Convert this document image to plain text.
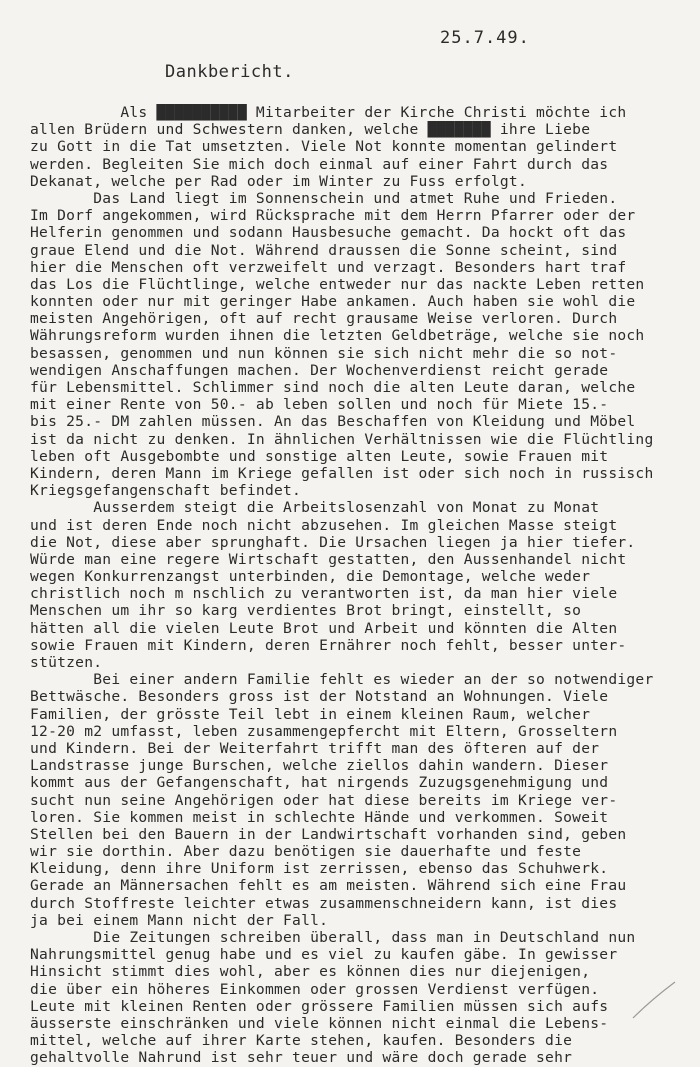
25.7.49.
Dankbericht.
Als ██████████ Mitarbeiter der Kirche Christi möchte ich
allen Brüdern und Schwestern danken, welche ███████ ihre Liebe
zu Gott in die Tat umsetzten. Viele Not konnte momentan gelindert
werden. Begleiten Sie mich doch einmal auf einer Fahrt durch das
Dekanat, welche per Rad oder im Winter zu Fuss erfolgt.
Das Land liegt im Sonnenschein und atmet Ruhe und Frieden.
Im Dorf angekommen, wird Rücksprache mit dem Herrn Pfarrer oder der
Helferin genommen und sodann Hausbesuche gemacht. Da hockt oft das
graue Elend und die Not. Während draussen die Sonne scheint, sind
hier die Menschen oft verzweifelt und verzagt. Besonders hart traf
das Los die Flüchtlinge, welche entweder nur das nackte Leben retten
konnten oder nur mit geringer Habe ankamen. Auch haben sie wohl die
meisten Angehörigen, oft auf recht grausame Weise verloren. Durch
Währungsreform wurden ihnen die letzten Geldbeträge, welche sie noch
besassen, genommen und nun können sie sich nicht mehr die so not-
wendigen Anschaffungen machen. Der Wochenverdienst reicht gerade
für Lebensmittel. Schlimmer sind noch die alten Leute daran, welche
mit einer Rente von 50.- ab leben sollen und noch für Miete 15.-
bis 25.- DM zahlen müssen. An das Beschaffen von Kleidung und Möbel
ist da nicht zu denken. In ähnlichen Verhältnissen wie die Flüchtling
leben oft Ausgebombte und sonstige alten Leute, sowie Frauen mit
Kindern, deren Mann im Kriege gefallen ist oder sich noch in russisch
Kriegsgefangenschaft befindet.
Ausserdem steigt die Arbeitslosenzahl von Monat zu Monat
und ist deren Ende noch nicht abzusehen. Im gleichen Masse steigt
die Not, diese aber sprunghaft. Die Ursachen liegen ja hier tiefer.
Würde man eine regere Wirtschaft gestatten, den Aussenhandel nicht
wegen Konkurrenzangst unterbinden, die Demontage, welche weder
christlich noch m nschlich zu verantworten ist, da man hier viele
Menschen um ihr so karg verdientes Brot bringt, einstellt, so
hätten all die vielen Leute Brot und Arbeit und könnten die Alten
sowie Frauen mit Kindern, deren Ernährer noch fehlt, besser unter-
stützen.
Bei einer andern Familie fehlt es wieder an der so notwendiger
Bettwäsche. Besonders gross ist der Notstand an Wohnungen. Viele
Familien, der grösste Teil lebt in einem kleinen Raum, welcher
12-20 m2 umfasst, leben zusammengepfercht mit Eltern, Grosseltern
und Kindern. Bei der Weiterfahrt trifft man des öfteren auf der
Landstrasse junge Burschen, welche ziellos dahin wandern. Dieser
kommt aus der Gefangenschaft, hat nirgends Zuzugsgenehmigung und
sucht nun seine Angehörigen oder hat diese bereits im Kriege ver-
loren. Sie kommen meist in schlechte Hände und verkommen. Soweit
Stellen bei den Bauern in der Landwirtschaft vorhanden sind, geben
wir sie dorthin. Aber dazu benötigen sie dauerhafte und feste
Kleidung, denn ihre Uniform ist zerrissen, ebenso das Schuhwerk.
Gerade an Männersachen fehlt es am meisten. Während sich eine Frau
durch Stoffreste leichter etwas zusammenschneidern kann, ist dies
ja bei einem Mann nicht der Fall.
Die Zeitungen schreiben überall, dass man in Deutschland nun
Nahrungsmittel genug habe und es viel zu kaufen gäbe. In gewisser
Hinsicht stimmt dies wohl, aber es können dies nur diejenigen,
die über ein höheres Einkommen oder grossen Verdienst verfügen.
Leute mit kleinen Renten oder grössere Familien müssen sich aufs
äusserste einschränken und viele können nicht einmal die Lebens-
mittel, welche auf ihrer Karte stehen, kaufen. Besonders die
gehaltvolle Nahrund ist sehr teuer und wäre doch gerade sehr
